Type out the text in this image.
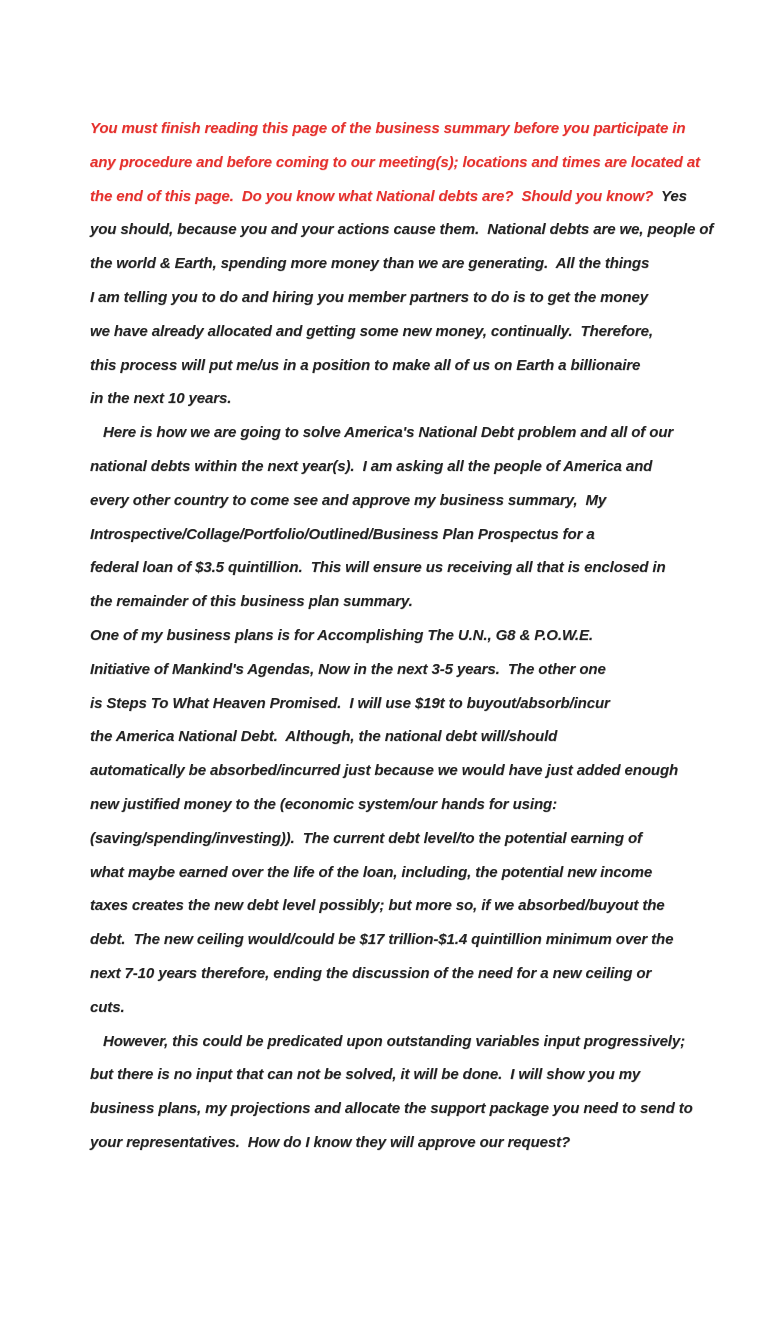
You must finish reading this page of the business summary before you participate in
any procedure and before coming to our meeting(s); locations and times are located at
the end of this page.  Do you know what National debts are?  Should you know?  Yes
you should, because you and your actions cause them.  National debts are we, people of
the world & Earth, spending more money than we are generating.  All the things
I am telling you to do and hiring you member partners to do is to get the money
we have already allocated and getting some new money, continually.  Therefore,
this process will put me/us in a position to make all of us on Earth a billionaire
in the next 10 years.
Here is how we are going to solve America's National Debt problem and all of our
national debts within the next year(s).  I am asking all the people of America and
every other country to come see and approve my business summary,  My
Introspective/Collage/Portfolio/Outlined/Business Plan Prospectus for a
federal loan of $3.5 quintillion.  This will ensure us receiving all that is enclosed in
the remainder of this business plan summary.
One of my business plans is for Accomplishing The U.N., G8 & P.O.W.E.
Initiative of Mankind's Agendas, Now in the next 3-5 years.  The other one
is Steps To What Heaven Promised.  I will use $19t to buyout/absorb/incur
the America National Debt.  Although, the national debt will/should
automatically be absorbed/incurred just because we would have just added enough
new justified money to the (economic system/our hands for using:
(saving/spending/investing)).  The current debt level/to the potential earning of
what maybe earned over the life of the loan, including, the potential new income
taxes creates the new debt level possibly; but more so, if we absorbed/buyout the
debt.  The new ceiling would/could be $17 trillion-$1.4 quintillion minimum over the
next 7-10 years therefore, ending the discussion of the need for a new ceiling or
cuts.
However, this could be predicated upon outstanding variables input progressively;
but there is no input that can not be solved, it will be done.  I will show you my
business plans, my projections and allocate the support package you need to send to
your representatives.  How do I know they will approve our request?
